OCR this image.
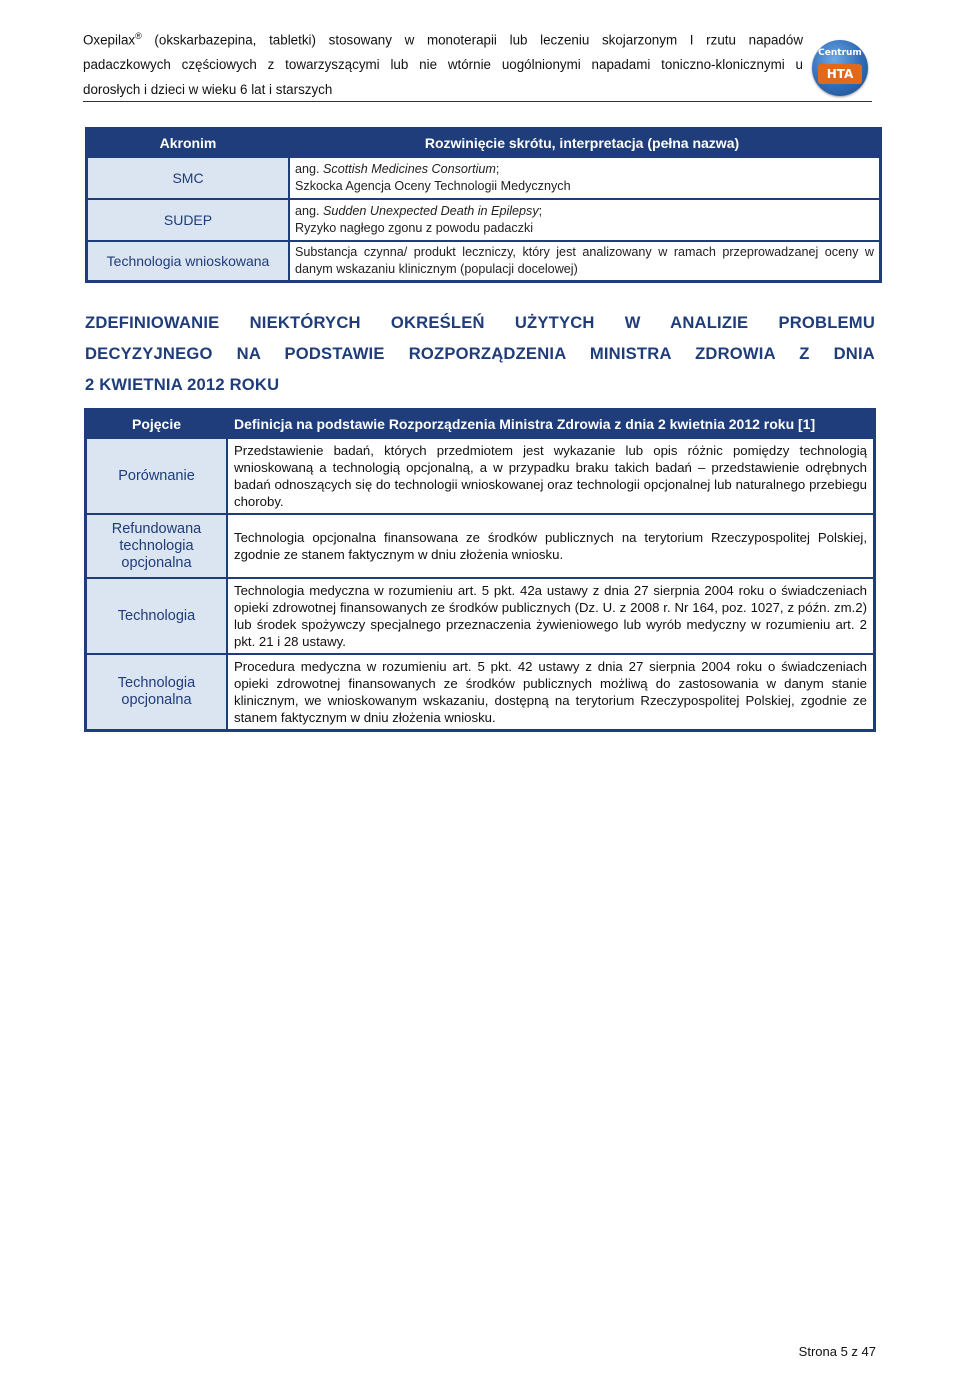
Oxepilax® (okskarbazepina, tabletki) stosowany w monoterapii lub leczeniu skojarzonym I rzutu napadów
padaczkowych częściowych z towarzyszącymi lub nie wtórnie uogólnionymi napadami toniczno-klonicznymi u
dorosłych i dzieci w wieku 6 lat i starszych
Centrum
HTA
Akronim	Rozwinięcie skrótu, interpretacja (pełna nazwa)
SMC	ang. Scottish Medicines Consortium;
Szkocka Agencja Oceny Technologii Medycznych
SUDEP	ang. Sudden Unexpected Death in Epilepsy;
Ryzyko nagłego zgonu z powodu padaczki
Technologia wnioskowana	Substancja czynna/ produkt leczniczy, który jest analizowany w ramach przeprowadzanej oceny w danym wskazaniu klinicznym (populacji docelowej)
ZDEFINIOWANIE NIEKTÓRYCH OKREŚLEŃ UŻYTYCH W ANALIZIE PROBLEMU
DECYZYJNEGO NA PODSTAWIE ROZPORZĄDZENIA MINISTRA ZDROWIA Z DNIA
2 KWIETNIA 2012 ROKU
Pojęcie	Definicja na podstawie Rozporządzenia Ministra Zdrowia z dnia 2 kwietnia 2012 roku [1]
Porównanie	Przedstawienie badań, których przedmiotem jest wykazanie lub opis różnic pomiędzy technologią wnioskowaną a technologią opcjonalną, a w przypadku braku takich badań – przedstawienie odrębnych badań odnoszących się do technologii wnioskowanej oraz technologii opcjonalnej lub naturalnego przebiegu choroby.
Refundowana technologia opcjonalna	Technologia opcjonalna finansowana ze środków publicznych na terytorium Rzeczypospolitej Polskiej, zgodnie ze stanem faktycznym w dniu złożenia wniosku.
Technologia	Technologia medyczna w rozumieniu art. 5 pkt. 42a ustawy z dnia 27 sierpnia 2004 roku o świadczeniach opieki zdrowotnej finansowanych ze środków publicznych (Dz. U. z 2008 r. Nr 164, poz. 1027, z późn. zm.2) lub środek spożywczy specjalnego przeznaczenia żywieniowego lub wyrób medyczny w rozumieniu art. 2 pkt. 21 i 28 ustawy.
Technologia opcjonalna	Procedura medyczna w rozumieniu art. 5 pkt. 42 ustawy z dnia 27 sierpnia 2004 roku o świadczeniach opieki zdrowotnej finansowanych ze środków publicznych możliwą do zastosowania w danym stanie klinicznym, we wnioskowanym wskazaniu, dostępną na terytorium Rzeczypospolitej Polskiej, zgodnie ze stanem faktycznym w dniu złożenia wniosku.
Strona 5 z 47
